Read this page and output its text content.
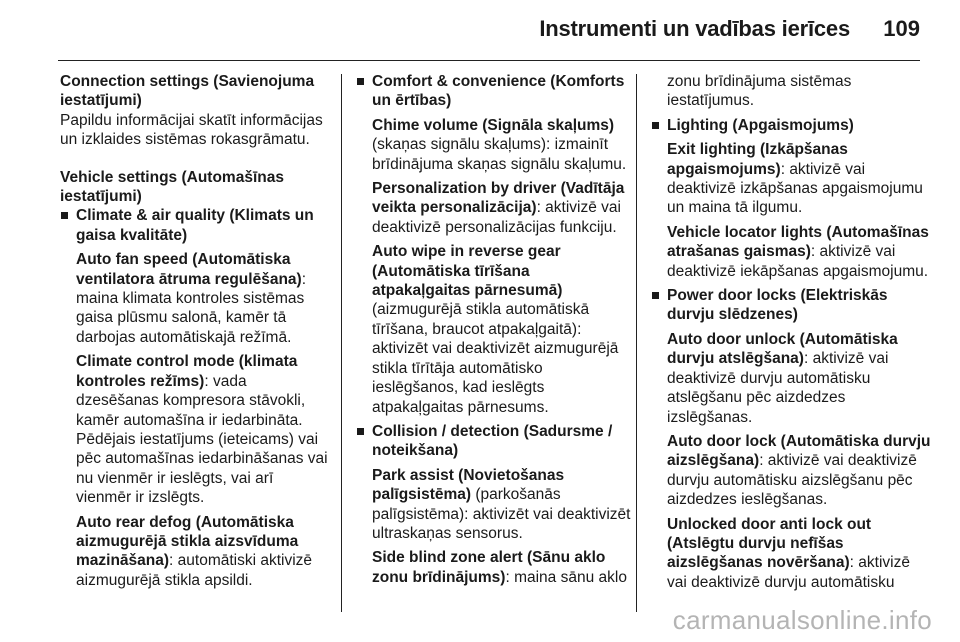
Instrumenti un vadības ierīces 109
Connection settings (Savienojuma iestatījumi)
Papildu informācijai skatīt informācijas un izklaides sistēmas rokasgrāmatu.
Vehicle settings (Automašīnas iestatījumi)
Climate & air quality (Klimats un gaisa kvalitāte)
Auto fan speed (Automātiska ventilatora ātruma regulēšana): maina klimata kontroles sistēmas gaisa plūsmu salonā, kamēr tā darbojas automātiskajā režīmā.
Climate control mode (klimata kontroles režīms): vada dzesēšanas kompresora stāvokli, kamēr automašīna ir iedarbināta. Pēdējais iestatījums (ieteicams) vai pēc automašīnas iedarbināšanas vai nu vienmēr ir ieslēgts, vai arī vienmēr ir izslēgts.
Auto rear defog (Automātiska aizmugurējā stikla aizsvīduma mazināšana): automātiski aktivizē aizmugurējā stikla apsildi.
Comfort & convenience (Komforts un ērtības)
Chime volume (Signāla skaļums) (skaņas signālu skaļums): izmainīt brīdinājuma skaņas signālu skaļumu.
Personalization by driver (Vadītāja veikta personalizācija): aktivizē vai deaktivizē personalizācijas funkciju.
Auto wipe in reverse gear (Automātiska tīrīšana atpakaļgaitas pārnesumā) (aizmugurējā stikla automātiskā tīrīšana, braucot atpakaļgaitā): aktivizēt vai deaktivizēt aizmugurējā stikla tīrītāja automātisko ieslēgšanos, kad ieslēgts atpakaļgaitas pārnesums.
Collision / detection (Sadursme / noteikšana)
Park assist (Novietošanas palīgsistēma) (parkošanās palīgsistēma): aktivizēt vai deaktivizēt ultraskaņas sensorus.
Side blind zone alert (Sānu aklo zonu brīdinājums): maina sānu aklo
zonu brīdinājuma sistēmas iestatījumus.
Lighting (Apgaismojums)
Exit lighting (Izkāpšanas apgaismojums): aktivizē vai deaktivizē izkāpšanas apgaismojumu un maina tā ilgumu.
Vehicle locator lights (Automašīnas atrašanas gaismas): aktivizē vai deaktivizē iekāpšanas apgaismojumu.
Power door locks (Elektriskās durvju slēdzenes)
Auto door unlock (Automātiska durvju atslēgšana): aktivizē vai deaktivizē durvju automātisku atslēgšanu pēc aizdedzes izslēgšanas.
Auto door lock (Automātiska durvju aizslēgšana): aktivizē vai deaktivizē durvju automātisku aizslēgšanu pēc aizdedzes ieslēgšanas.
Unlocked door anti lock out (Atslēgtu durvju nefīšas aizslēgšanas novēršana): aktivizē vai deaktivizē durvju automātisku
carmanualsonline.info
